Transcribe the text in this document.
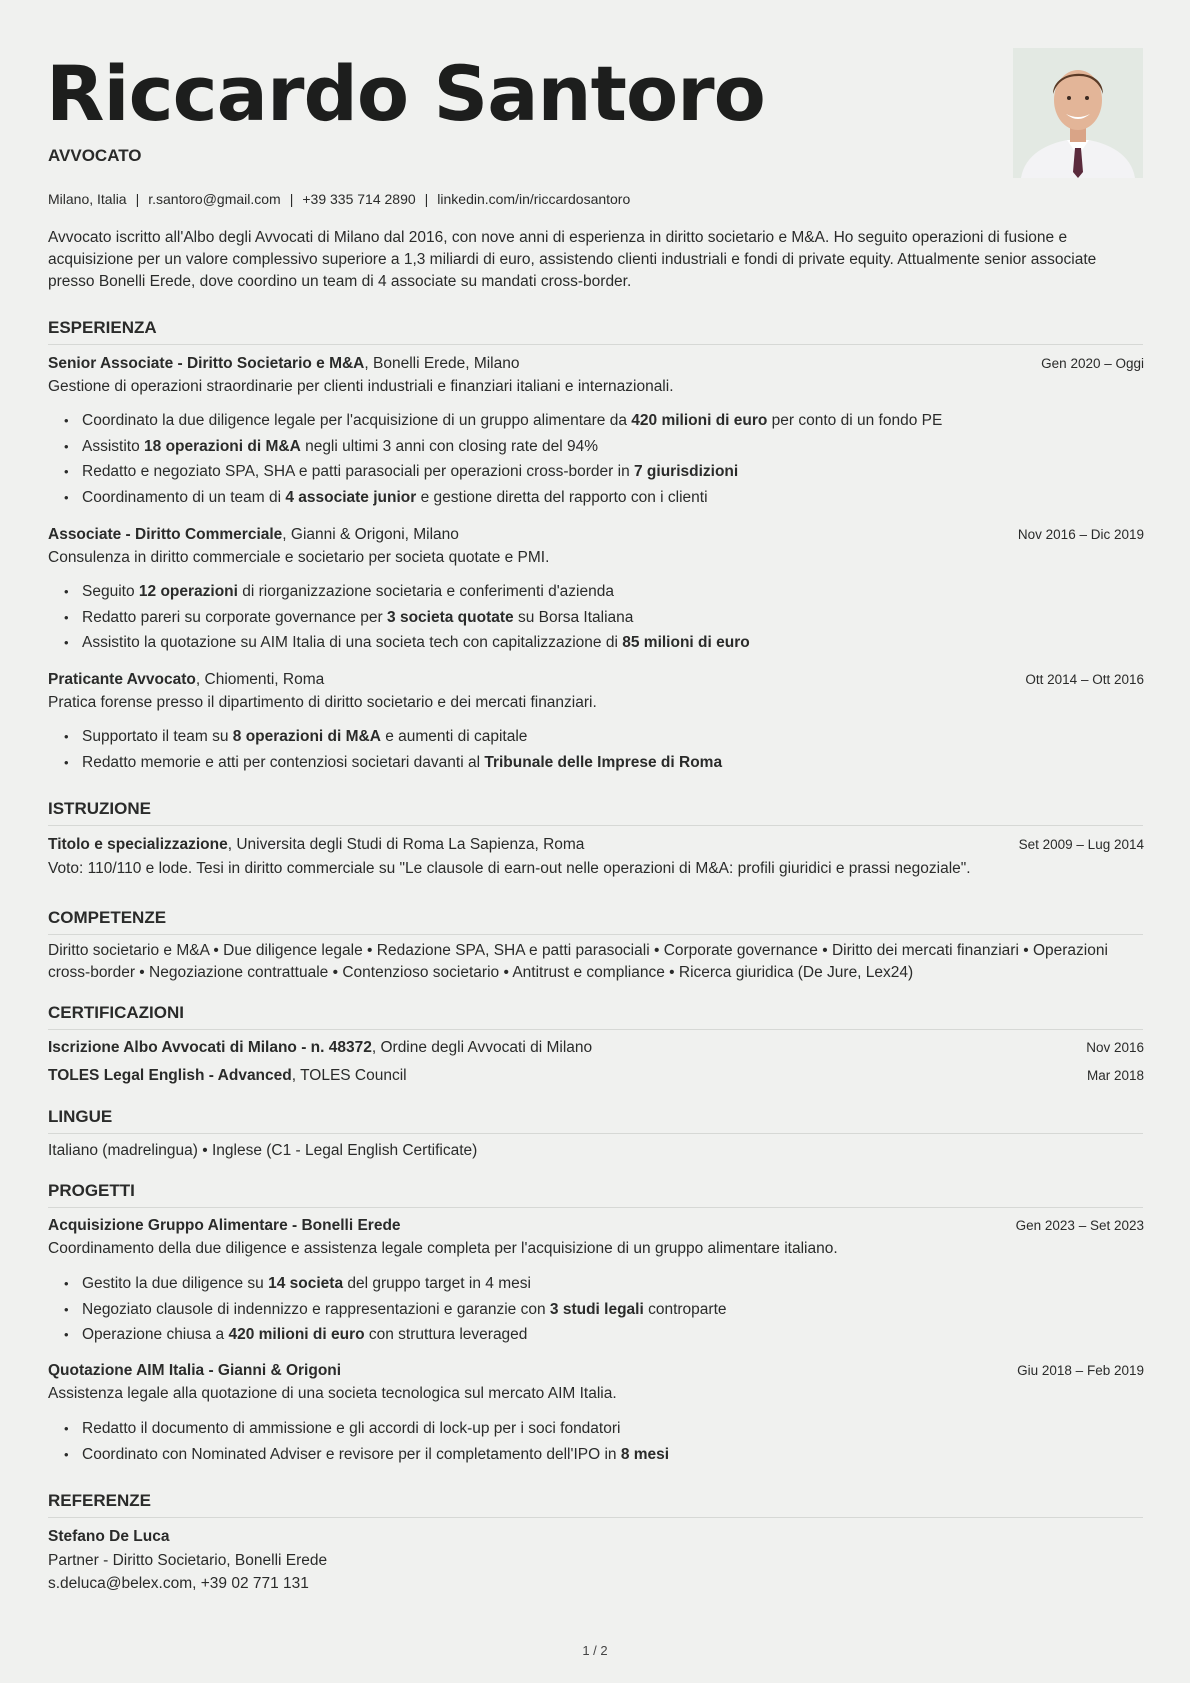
Riccardo Santoro

AVVOCATO

Milano, Italia | r.santoro@gmail.com | +39 335 714 2890 | linkedin.com/in/riccardosantoro

Avvocato iscritto all'Albo degli Avvocati di Milano dal 2016, con nove anni di esperienza in diritto societario e M&A. Ho seguito operazioni di fusione e acquisizione per un valore complessivo superiore a 1,3 miliardi di euro, assistendo clienti industriali e fondi di private equity. Attualmente senior associate presso Bonelli Erede, dove coordino un team di 4 associate su mandati cross-border.

ESPERIENZA
Senior Associate - Diritto Societario e M&A, Bonelli Erede, Milano	Gen 2020 – Oggi

Gestione di operazioni straordinarie per clienti industriali e finanziari italiani e internazionali.

• Coordinato la due diligence legale per l'acquisizione di un gruppo alimentare da 420 milioni di euro per conto di un fondo PE
• Assistito 18 operazioni di M&A negli ultimi 3 anni con closing rate del 94%
• Redatto e negoziato SPA, SHA e patti parasociali per operazioni cross-border in 7 giurisdizioni
• Coordinamento di un team di 4 associate junior e gestione diretta del rapporto con i clienti
Associate - Diritto Commerciale, Gianni & Origoni, Milano	Nov 2016 – Dic 2019

Consulenza in diritto commerciale e societario per societa quotate e PMI.

• Seguito 12 operazioni di riorganizzazione societaria e conferimenti d'azienda
• Redatto pareri su corporate governance per 3 societa quotate su Borsa Italiana
• Assistito la quotazione su AIM Italia di una societa tech con capitalizzazione di 85 milioni di euro
Praticante Avvocato, Chiomenti, Roma	Ott 2014 – Ott 2016

Pratica forense presso il dipartimento di diritto societario e dei mercati finanziari.

• Supportato il team su 8 operazioni di M&A e aumenti di capitale
• Redatto memorie e atti per contenziosi societari davanti al Tribunale delle Imprese di Roma
ISTRUZIONE
Titolo e specializzazione, Universita degli Studi di Roma La Sapienza, Roma	Set 2009 – Lug 2014

Voto: 110/110 e lode. Tesi in diritto commerciale su "Le clausole di earn-out nelle operazioni di M&A: profili giuridici e prassi negoziale".

COMPETENZE

Diritto societario e M&A • Due diligence legale • Redazione SPA, SHA e patti parasociali • Corporate governance • Diritto dei mercati finanziari • Operazioni cross-border • Negoziazione contrattuale • Contenzioso societario • Antitrust e compliance • Ricerca giuridica (De Jure, Lex24)

CERTIFICAZIONI
Iscrizione Albo Avvocati di Milano - n. 48372, Ordine degli Avvocati di Milano	Nov 2016
TOLES Legal English - Advanced, TOLES Council	Mar 2018
LINGUE

Italiano (madrelingua) • Inglese (C1 - Legal English Certificate)

PROGETTI
Acquisizione Gruppo Alimentare - Bonelli Erede	Gen 2023 – Set 2023

Coordinamento della due diligence e assistenza legale completa per l'acquisizione di un gruppo alimentare italiano.

• Gestito la due diligence su 14 societa del gruppo target in 4 mesi
• Negoziato clausole di indennizzo e rappresentazioni e garanzie con 3 studi legali controparte
• Operazione chiusa a 420 milioni di euro con struttura leveraged
Quotazione AIM Italia - Gianni & Origoni	Giu 2018 – Feb 2019

Assistenza legale alla quotazione di una societa tecnologica sul mercato AIM Italia.

• Redatto il documento di ammissione e gli accordi di lock-up per i soci fondatori
• Coordinato con Nominated Adviser e revisore per il completamento dell'IPO in 8 mesi
REFERENZE
Stefano De Luca

Partner - Diritto Societario, Bonelli Erede

s.deluca@belex.com, +39 02 771 131

1 / 2
